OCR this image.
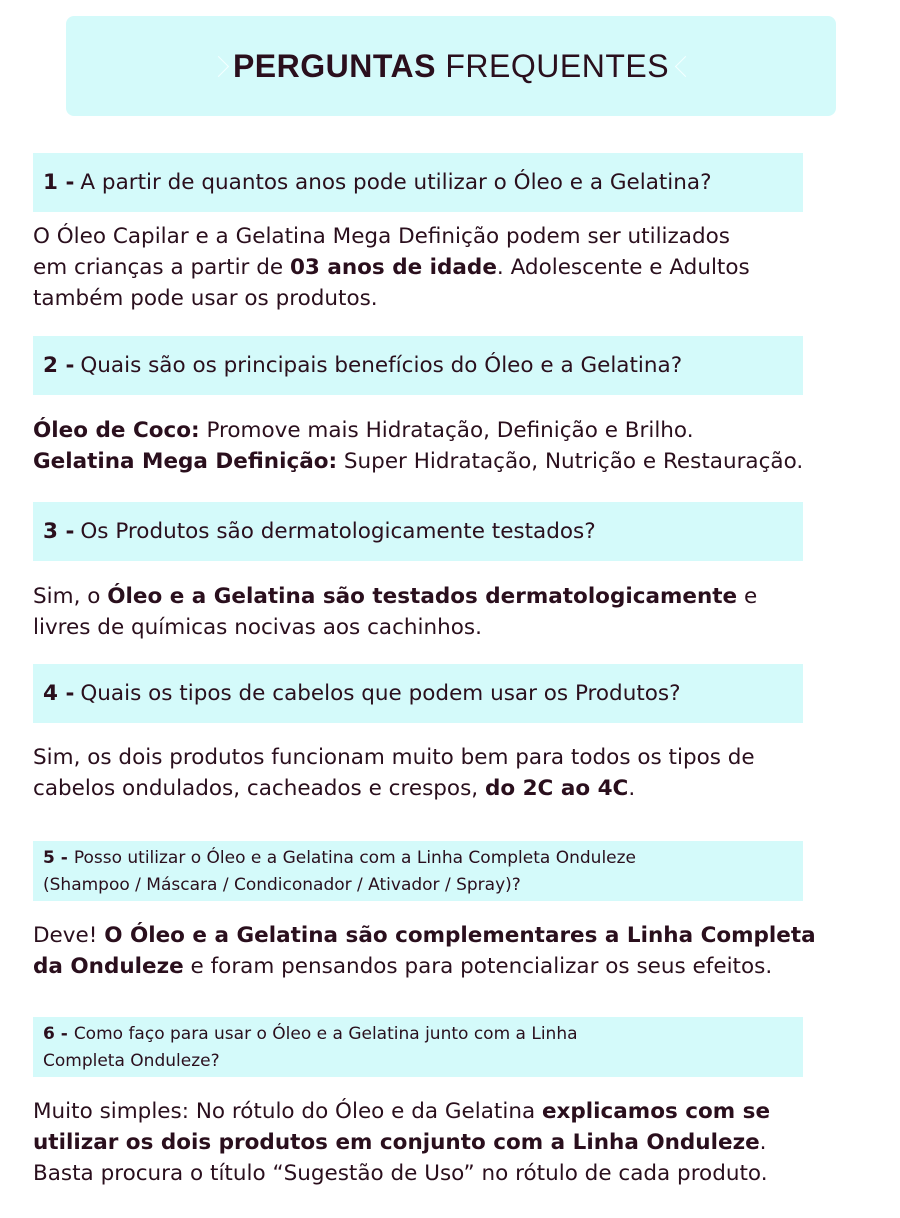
PERGUNTAS FREQUENTES
1 - A partir de quantos anos pode utilizar o Óleo e a Gelatina?
O Óleo Capilar e a Gelatina Mega Definição podem ser utilizados
em crianças a partir de 03 anos de idade. Adolescente e Adultos
também pode usar os produtos.
2 - Quais são os principais benefícios do Óleo e a Gelatina?
Óleo de Coco: Promove mais Hidratação, Definição e Brilho.
Gelatina Mega Definição: Super Hidratação, Nutrição e Restauração.
3 - Os Produtos são dermatologicamente testados?
Sim, o Óleo e a Gelatina são testados dermatologicamente e
livres de químicas nocivas aos cachinhos.
4 - Quais os tipos de cabelos que podem usar os Produtos?
Sim, os dois produtos funcionam muito bem para todos os tipos de
cabelos ondulados, cacheados e crespos, do 2C ao 4C.
5 - Posso utilizar o Óleo e a Gelatina com a Linha Completa Onduleze
(Shampoo / Máscara / Condiconador / Ativador / Spray)?
Deve! O Óleo e a Gelatina são complementares a Linha Completa
da Onduleze e foram pensandos para potencializar os seus efeitos.
6 - Como faço para usar o Óleo e a Gelatina junto com a Linha
Completa Onduleze?
Muito simples: No rótulo do Óleo e da Gelatina explicamos com se
utilizar os dois produtos em conjunto com a Linha Onduleze.
Basta procura o título “Sugestão de Uso” no rótulo de cada produto.
